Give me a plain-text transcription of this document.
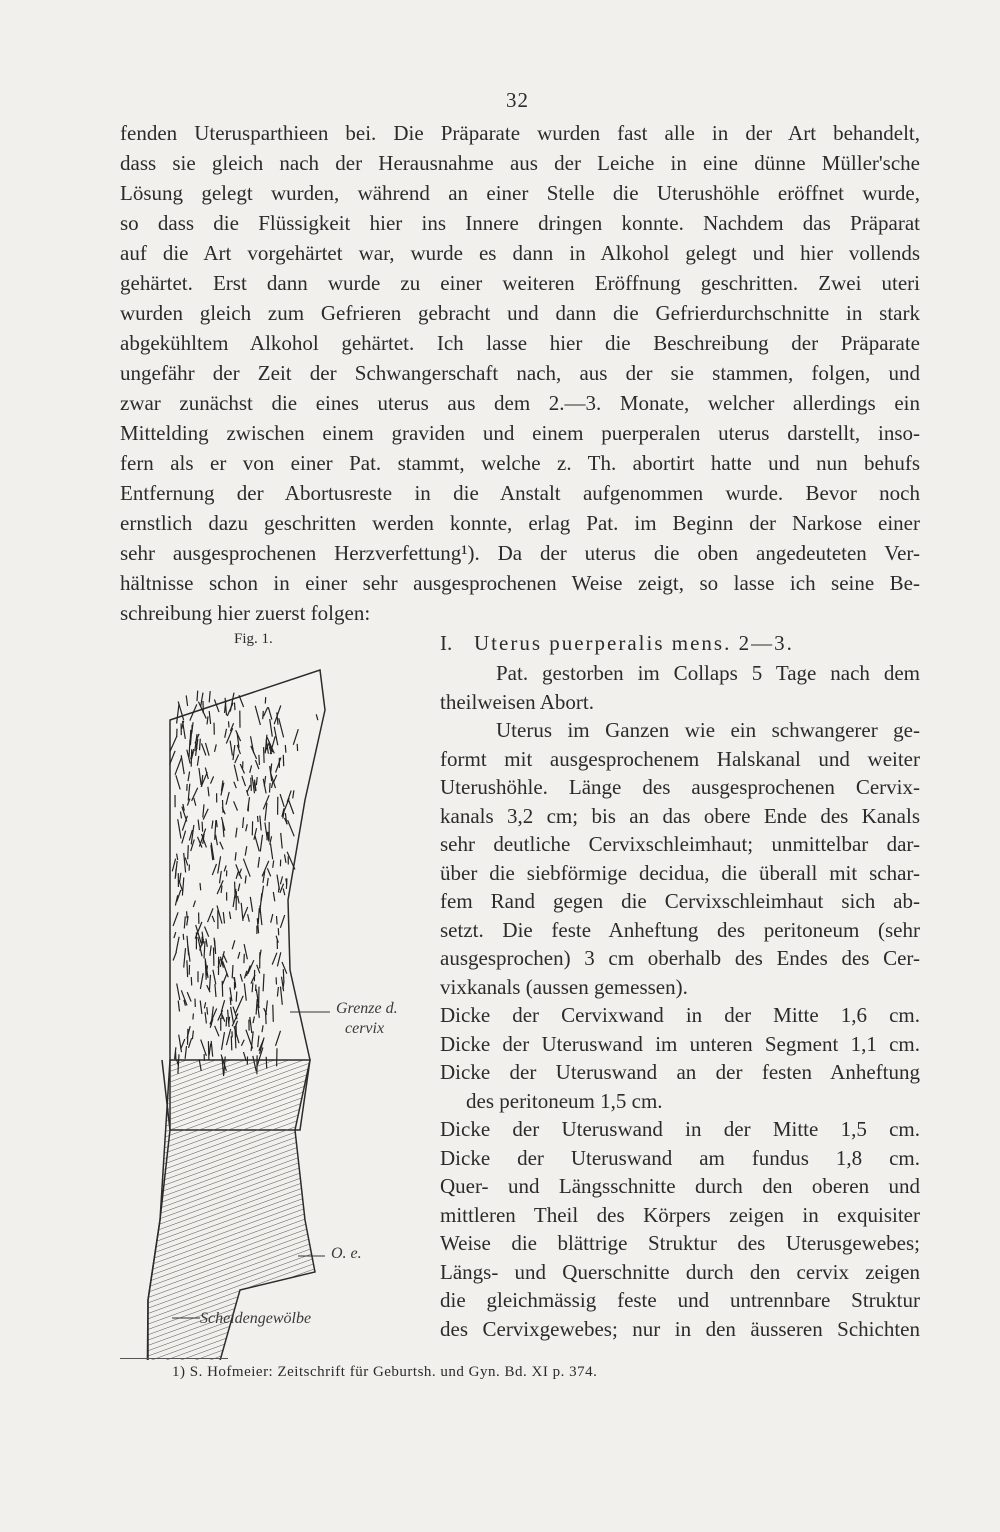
32
fenden Uterusparthieen bei. Die Präparate wurden fast alle in der Art behandelt,
dass sie gleich nach der Herausnahme aus der Leiche in eine dünne Müller'sche
Lösung gelegt wurden, während an einer Stelle die Uterushöhle eröffnet wurde,
so dass die Flüssigkeit hier ins Innere dringen konnte. Nachdem das Präparat
auf die Art vorgehärtet war, wurde es dann in Alkohol gelegt und hier vollends
gehärtet. Erst dann wurde zu einer weiteren Eröffnung geschritten. Zwei uteri
wurden gleich zum Gefrieren gebracht und dann die Gefrierdurchschnitte in stark
abgekühltem Alkohol gehärtet. Ich lasse hier die Beschreibung der Präparate
ungefähr der Zeit der Schwangerschaft nach, aus der sie stammen, folgen, und
zwar zunächst die eines uterus aus dem 2.—3. Monate, welcher allerdings ein
Mittelding zwischen einem graviden und einem puerperalen uterus darstellt, inso-
fern als er von einer Pat. stammt, welche z. Th. abortirt hatte und nun behufs
Entfernung der Abortusreste in die Anstalt aufgenommen wurde. Bevor noch
ernstlich dazu geschritten werden konnte, erlag Pat. im Beginn der Narkose einer
sehr ausgesprochenen Herzverfettung¹). Da der uterus die oben angedeuteten Ver-
hältnisse schon in einer sehr ausgesprochenen Weise zeigt, so lasse ich seine Be-
schreibung hier zuerst folgen:
Fig. 1.	I. Uterus puerperalis mens. 2—3.
Pat. gestorben im Collaps 5 Tage nach dem
theilweisen Abort.
Uterus im Ganzen wie ein schwangerer ge-
formt mit ausgesprochenem Halskanal und weiter
Uterushöhle. Länge des ausgesprochenen Cervix-
kanals 3,2 cm; bis an das obere Ende des Kanals
sehr deutliche Cervixschleimhaut; unmittelbar dar-
über die siebförmige decidua, die überall mit schar-
fem Rand gegen die Cervixschleimhaut sich ab-
setzt. Die feste Anheftung des peritoneum (sehr
ausgesprochen) 3 cm oberhalb des Endes des Cer-
vixkanals (aussen gemessen).
Dicke der Cervixwand in der Mitte 1,6 cm.
Dicke der Uteruswand im unteren Segment 1,1 cm.
Dicke der Uteruswand an der festen Anheftung
des peritoneum 1,5 cm.
Dicke der Uteruswand in der Mitte 1,5 cm.
Dicke der Uteruswand am fundus 1,8 cm.
Quer- und Längsschnitte durch den oberen und
mittleren Theil des Körpers zeigen in exquisiter
Weise die blättrige Struktur des Uterusgewebes;
Längs- und Querschnitte durch den cervix zeigen
die gleichmässig feste und untrennbare Struktur
des Cervixgewebes; nur in den äusseren Schichten
Grenze d.
cervix
O. e.
Scheidengewölbe
1) S. Hofmeier: Zeitschrift für Geburtsh. und Gyn. Bd. XI p. 374.
